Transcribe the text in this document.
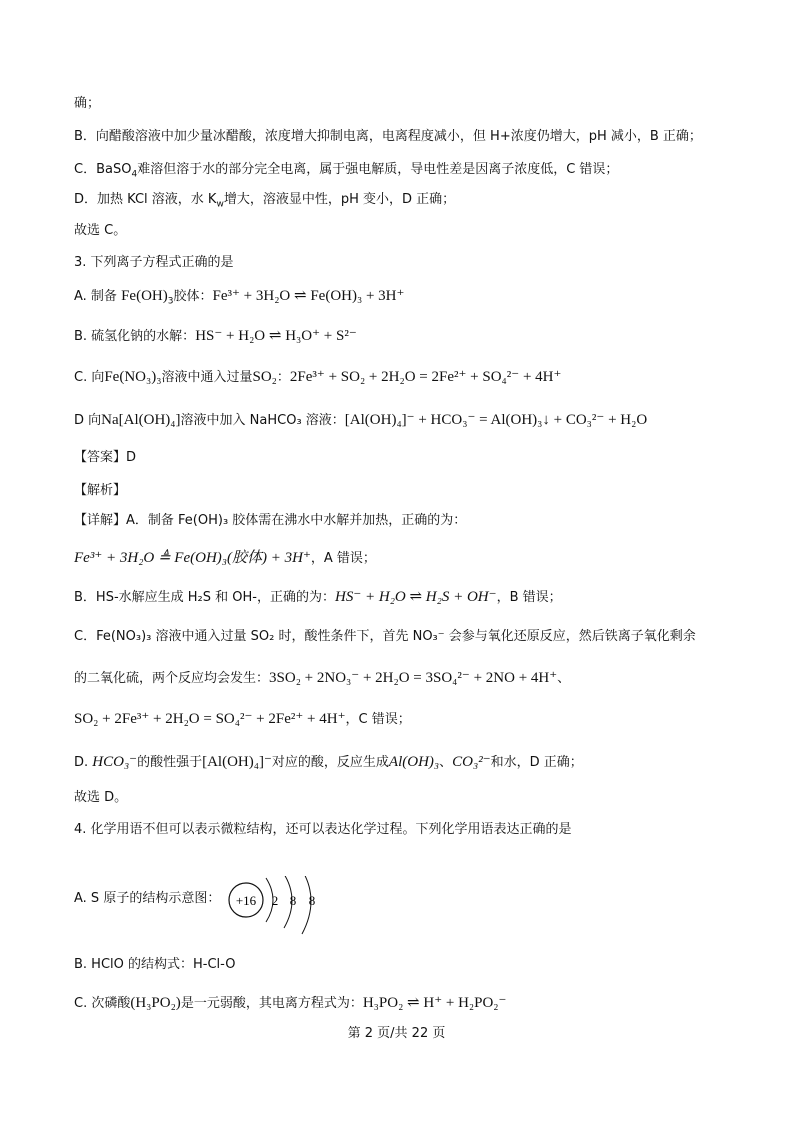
确；
B．向醋酸溶液中加少量冰醋酸，浓度增大抑制电离，电离程度减小，但 H+浓度仍增大，pH 减小，B 正确；
C．BaSO$_4$难溶但溶于水的部分完全电离，属于强电解质，导电性差是因离子浓度低，C 错误；
D．加热 KCl 溶液，水 $K_w$增大，溶液显中性，pH 变小，D 正确；
故选 C。
3. 下列离子方程式正确的是
A. 制备 $Fe(OH)_3$胶体：Fe³⁺ + 3H₂O ⇌ Fe(OH)₃ + 3H⁺
B. 硫氢化钠的水解：HS⁻ + H₂O ⇌ H₃O⁺ + S²⁻
C. 向Fe(NO₃)₃溶液中通入过量SO₂：2Fe³⁺ + SO₂ + 2H₂O = 2Fe²⁺ + SO₄²⁻ + 4H⁺
D 向Na[Al(OH)₄]溶液中加入 NaHCO₃ 溶液：[Al(OH)₄]⁻ + HCO₃⁻ = Al(OH)₃↓ + CO₃²⁻ + H₂O
【答案】D
【解析】
【详解】A．制备 Fe(OH)₃ 胶体需在沸水中水解并加热，正确的为：
Fe³⁺ + 3H₂O ≜ Fe(OH)₃(胶体) + 3H⁺，A 错误；
B．HS-水解应生成 H₂S 和 OH-，正确的为：HS⁻ + H₂O ⇌ H₂S + OH⁻，B 错误；
C．Fe(NO₃)₃ 溶液中通入过量 SO₂ 时，酸性条件下，首先 NO₃⁻ 会参与氧化还原反应，然后铁离子氧化剩余
的二氧化硫，两个反应均会发生：3SO₂ + 2NO₃⁻ + 2H₂O = 3SO₄²⁻ + 2NO + 4H⁺、
SO₂ + 2Fe³⁺ + 2H₂O = SO₄²⁻ + 2Fe²⁺ + 4H⁺，C 错误；
D. HCO₃⁻的酸性强于[Al(OH)₄]⁻对应的酸，反应生成Al(OH)₃、CO₃²⁻和水，D 正确；
故选 D。
4. 化学用语不但可以表示微粒结构，还可以表达化学过程。下列化学用语表达正确的是
A. S 原子的结构示意图： +16 2 8 8
B. HClO 的结构式：H-Cl-O
C. 次磷酸(H₃PO₂)是一元弱酸，其电离方程式为：H₃PO₂ ⇌ H⁺ + H₂PO₂⁻
第 2 页/共 22 页
